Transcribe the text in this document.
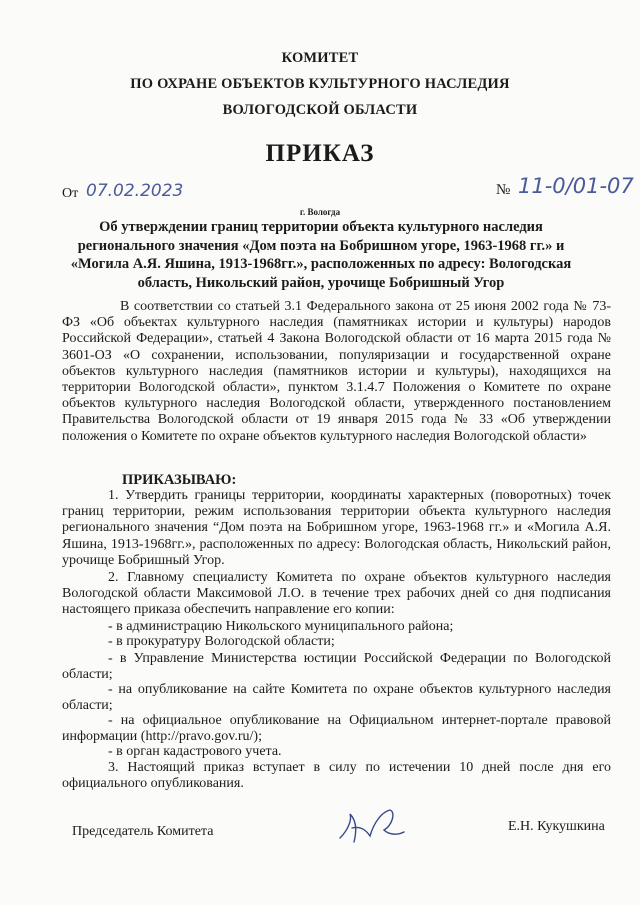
КОМИТЕТ
ПО ОХРАНЕ ОБЪЕКТОВ КУЛЬТУРНОГО НАСЛЕДИЯ
ВОЛОГОДСКОЙ ОБЛАСТИ
ПРИКАЗ
От 07.02.2023	№ 11-0/01-07
г. Вологда
Об утверждении границ территории объекта культурного наследия регионального значения «Дом поэта на Бобришном угоре, 1963-1968 гг.» и «Могила А.Я. Яшина, 1913-1968гг.», расположенных по адресу: Вологодская область, Никольский район, урочище Бобришный Угор
В соответствии со статьей 3.1 Федерального закона от 25 июня 2002 года № 73-ФЗ «Об объектах культурного наследия (памятниках истории и культуры) народов Российской Федерации», статьей 4 Закона Вологодской области от 16 марта 2015 года № 3601-ОЗ «О сохранении, использовании, популяризации и государственной охране объектов культурного наследия (памятников истории и культуры), находящихся на территории Вологодской области», пунктом 3.1.4.7 Положения о Комитете по охране объектов культурного наследия Вологодской области, утвержденного постановлением Правительства Вологодской области от 19 января 2015 года № 33 «Об утверждении положения о Комитете по охране объектов культурного наследия Вологодской области»
ПРИКАЗЫВАЮ:
1. Утвердить границы территории, координаты характерных (поворотных) точек границ территории, режим использования территории объекта культурного наследия регионального значения “Дом поэта на Бобришном угоре, 1963-1968 гг.» и «Могила А.Я. Яшина, 1913-1968гг.», расположенных по адресу: Вологодская область, Никольский район, урочище Бобришный Угор.
2. Главному специалисту Комитета по охране объектов культурного наследия Вологодской области Максимовой Л.О. в течение трех рабочих дней со дня подписания настоящего приказа обеспечить направление его копии:
- в администрацию Никольского муниципального района;
- в прокуратуру Вологодской области;
- в Управление Министерства юстиции Российской Федерации по Вологодской области;
- на опубликование на сайте Комитета по охране объектов культурного наследия области;
- на официальное опубликование на Официальном интернет-портале правовой информации (http://pravo.gov.ru/);
- в орган кадастрового учета.
3. Настоящий приказ вступает в силу по истечении 10 дней после дня его официального опубликования.
Председатель Комитета	Е.Н. Кукушкина
